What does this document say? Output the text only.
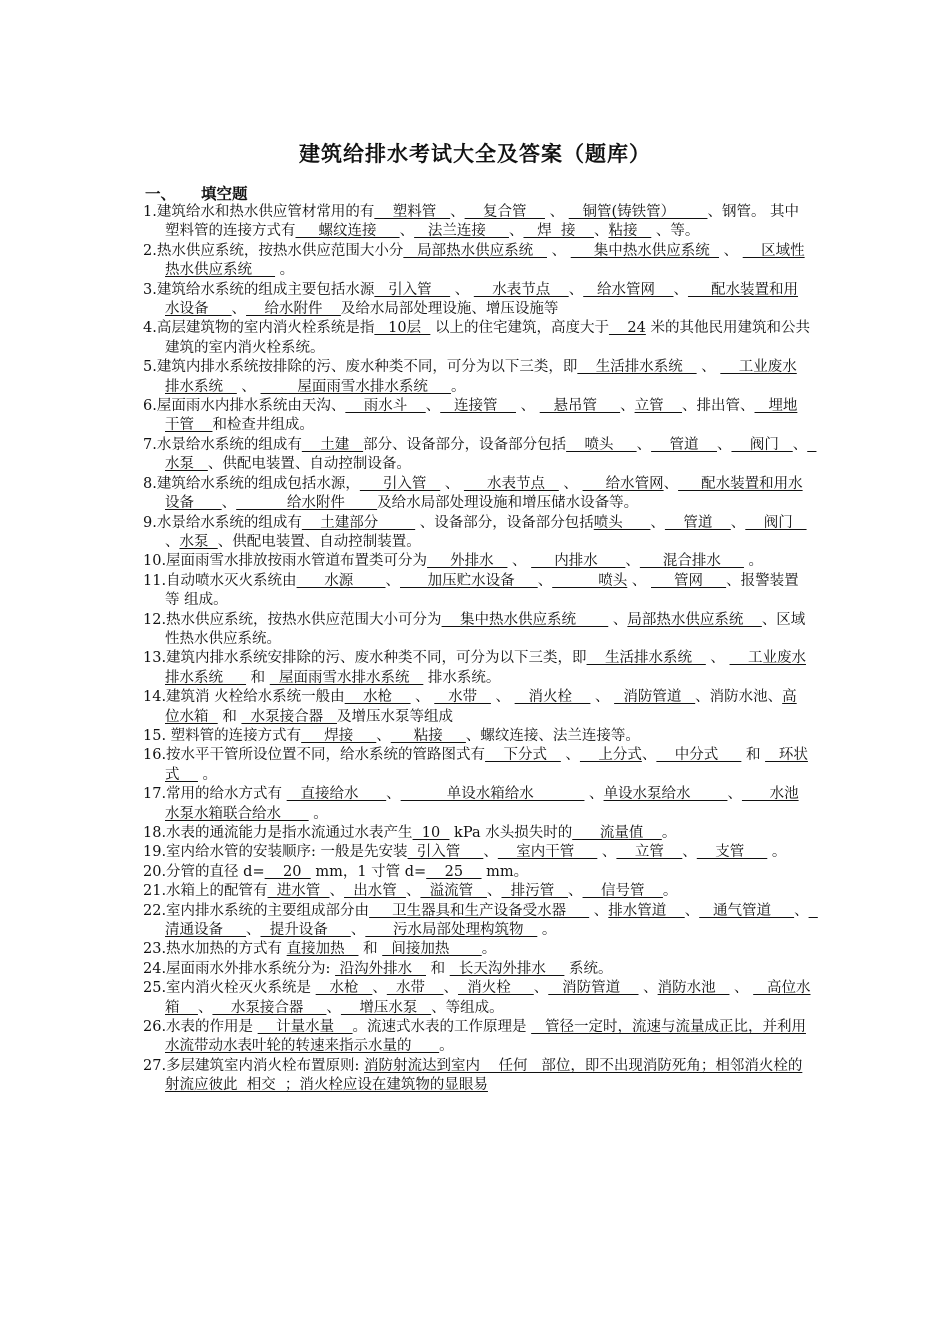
建筑给排水考试大全及答案（题库）
一、 填空题
1.建筑给水和热水供应管材常用的有    塑料管   、    复合管     、    铜管(铸铁管）       、钢管。 其中塑料管的连接方式有     螺纹连接     、   法兰连接     、   焊  接    、粘接    、等。
2.热水供应系统，按热水供应范围大小分   局部热水供应系统    、      集中热水供应系统   、     区域性热水供应系统      。
3.建筑给水系统的组成主要包括水源   引入管     、     水表节点    、   给水管网    、     配水装置和用水设备     、    给水附件    及给水局部处理设施、增压设施等
4.高层建筑物的室内消火栓系统是指   10层   以上的住宅建筑，高度大于    24 米的其他民用建筑和公共建筑的室内消火栓系统。
5.建筑内排水系统按排除的污、废水种类不同，可分为以下三类，即    生活排水系统    、     工业废水排水系统    、         屋面雨雪水排水系统     。
6.屋面雨水内排水系统由天沟、    雨水斗    、   连接管     、    悬吊管     、立管    、排出管、   埋地干管    和检查井组成。
7.水景给水系统的组成有    土建   部分、设备部分，设备部分包括    喷头     、    管道    、    阀门   、  水泵   、供配电装置、自动控制设备。
8.建筑给水系统的组成包括水源，     引入管    、      水表节点    、      给水管网、     配水装置和用水设备      、           给水附件       及给水局部处理设施和增压储水设备等。
9.水景给水系统的组成有    土建部分         、设备部分，设备部分包括喷头      、    管道    、    阀门   、水泵  、供配电装置、自动控制装置。
10.屋面雨雪水排放按雨水管道布置类可分为     外排水    、      内排水      、     混合排水      。
11.自动喷水灭火系统由      水源       、      加压贮水设备     、          喷头 、      管网     、报警装置等 组成。
12.热水供应系统，按热水供应范围大小可分为    集中热水供应系统        、局部热水供应系统    、区域性热水供应系统。
13.建筑内排水系统安排除的污、废水种类不同，可分为以下三类，即    生活排水系统    、     工业废水排水系统      和   屋面雨雪水排水系统    排水系统。
14.建筑消 火栓给水系统一般由    水枪     、    水带    、    消火栓     、   消防管道   、消防水池、高位水箱   和   水泵接合器   及增压水泵等组成
15. 塑料管的连接方式有     焊接     、     粘接     、螺纹连接、法兰连接等。
16.按水平干管所设位置不同，给水系统的管路图式有    下分式    、    上分式、    中分式      和    环状式     。
17.常用的给水方式有    直接给水      、          单设水箱给水            、单设水泵给水        、      水池水泵水箱联合给水       。
18.水表的通流能力是指水流通过水表产生  10   kPa 水头损失时的      流量值    。
19.室内给水管的安装顺序: 一般是先安装  引入管     、    室内干管      、    立管    、    支管      。
20.分管的直径 d=    20   mm，1 寸管 d=    25     mm。
21.水箱上的配管有  进水管  、  出水管  、  溢流管   、  排污管   、    信号管    。
22.室内排水系统的主要组成部分由     卫生器具和生产设备受水器      、排水管道    、   通气管道     、  清通设备     、  提升设备     、      污水局部处理构筑物    。
23.热水加热的方式有 直接加热    和   间接加热       。
24.屋面雨水外排水系统分为:  沿沟外排水    和   长天沟外排水     系统。
25.室内消火栓灭火系统是    水枪   、  水带    、  消火栓     、   消防管道     、消防水池    、    高位水箱    、    水泵接合器     、    增压水泵   、等组成。
26.水表的作用是     计量水量    。流速式水表的工作原理是    管径一定时，流速与流量成正比，并利用水流带动水表叶轮的转速来指示水量的      。
27.多层建筑室内消火栓布置原则: 消防射流达到室内    任何   部位，即不出现消防死角；相邻消火栓的射流应彼此  相交  ；消火栓应设在建筑物的显眼易
